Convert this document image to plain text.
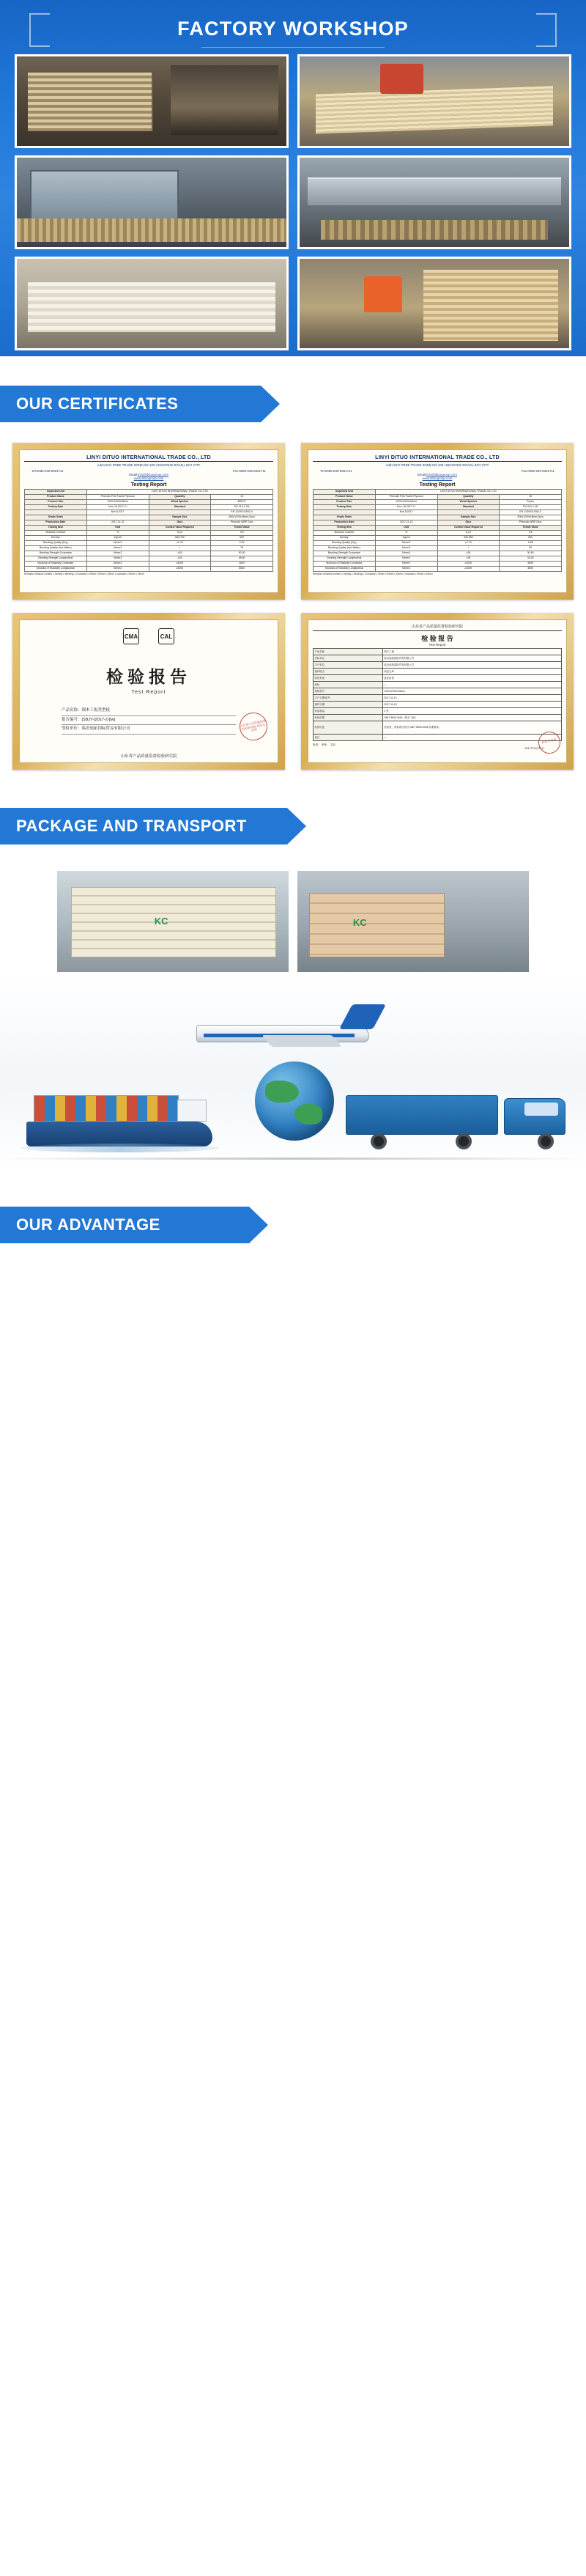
FACTORY WORKSHOP
OUR CERTIFICATES
LINYI DITUO INTERNATIONAL TRADE CO., LTD
Add:LINYI FREE TRADE ZONE,NO.100 LINGGONG ROAD,LINYI CITY
Tel:0086-539-8361711	Fax:0086-539-8361711
Email:info@dituogroup.com
www.dituogroup.com
Testing Report
Inspected Unit	LINYI DITUO INTERNATIONAL TRADE CO.,LTD		
Product Name	Phenolic Film Faced Plywood	Quantity	15
Product Size	1220x2440x18mm	Wood Species	BIRCH
Testing Date	Nov.,16,2017 Yr	Standard	EN 314-1,2N
	Nov.5,2017		EN 1229/GL/E62,0
Grade Seals		Sample Size	500x1200x18mm,2pcs
Production Date	2017.11.13	Glue	Phenolic WBP Glue
Testing Item	Unit	Control Value Required	Tested Value
Moisture Content	%	6-14	9.8
Density	Kg/m3	680-780	692
Bending Quality (Dry)	N/mm2	≥2.70	2.92
Bending Quality (Hot Water)	N/mm2	/	75
Bending Strength Crosswise	N/mm2	≥28	50.20
Bending Strength Longitudinal	N/mm2	≥28	48.80
Modulus of Elasticity Crosswise	N/mm2	≥4000	4692
Modulus of Elasticity Longitudinal	N/mm2	≥4000	6500
Remarks: Moisture content ≥ Density ≥ Bending ≥ Crosswise ≥ 50mm x 50mm x 18mm, Crosswise ≥ 50mm x 18mm
LINYI DITUO INTERNATIONAL TRADE CO., LTD
Add:LINYI FREE TRADE ZONE,NO.100 LINGGONG ROAD,LINYI CITY
Tel:0086-539-8361711	Fax:0086-539-8361711
Email:info@dituogroup.com
www.dituogroup.com
Testing Report
Inspected Unit	LINYI DITUO INTERNATIONAL TRADE CO.,LTD		
Product Name	Phenolic Film Faced Plywood	Quantity	15
Product Size	1220x2440x18mm	Wood Species	Poplar
Testing Date	Nov.,16,2017 Yr	Standard	EN 314-1,2N
	Nov.5,2017		EN 1229/GL/E62,0
Grade Seals		Sample Size	500x1200x18mm,2pcs
Production Date	2017.11.13	Glue	Phenolic WBP Glue
Testing Item	Unit	Control Value Required	Tested Value
Moisture Content	%	6-14	9.6
Density	Kg/m3	520-580	530
Bending Quality (Dry)	N/mm2	≥2.70	2.85
Bending Quality (Hot Water)	N/mm2	/	50
Bending Strength Crosswise	N/mm2	≥28	30.50
Bending Strength Longitudinal	N/mm2	≥28	32.00
Modulus of Elasticity Crosswise	N/mm2	≥4000	4825
Modulus of Elasticity Longitudinal	N/mm2	≥4000	4500
Remarks: Moisture content ≥ Density ≥ Bending ≥ Crosswise ≥ 50mm x 50mm x 18mm, Crosswise ≥ 50mm x 18mm
CMA	CAL
检验报告
Test Report
产品名称：细木工板类型板
报告编号：[SBJY-]2017-Z-]lw]
受检单位：临沂迪拓国际贸易有限公司
山东省产品质量监督检验研究院 检验专用章
山东省产品质量监督检验研究院
山东省产品质量监督检验研究院
检 验 报 告
Test Report
产品名称	细木工板
受检单位	临沂迪拓国际贸易有限公司
生产单位	临沂迪拓国际贸易有限公司
抽样地点	成品仓库
检验类别	委托检验
商标	—
规格型号	1220×2440×18mm
生产日期/批号	2017-11-13
抽样日期	2017-11-15
样品数量	2 张
检验依据	GB/T 5849-2016《细木工板》
检验结论	经检验，所检项目符合 GB/T 5849-2016 标准要求。
备注	—
批准： 审核： 主检：
2017年11月20日
检验专用章
PACKAGE AND TRANSPORT
KC
KC
OUR ADVANTAGE
